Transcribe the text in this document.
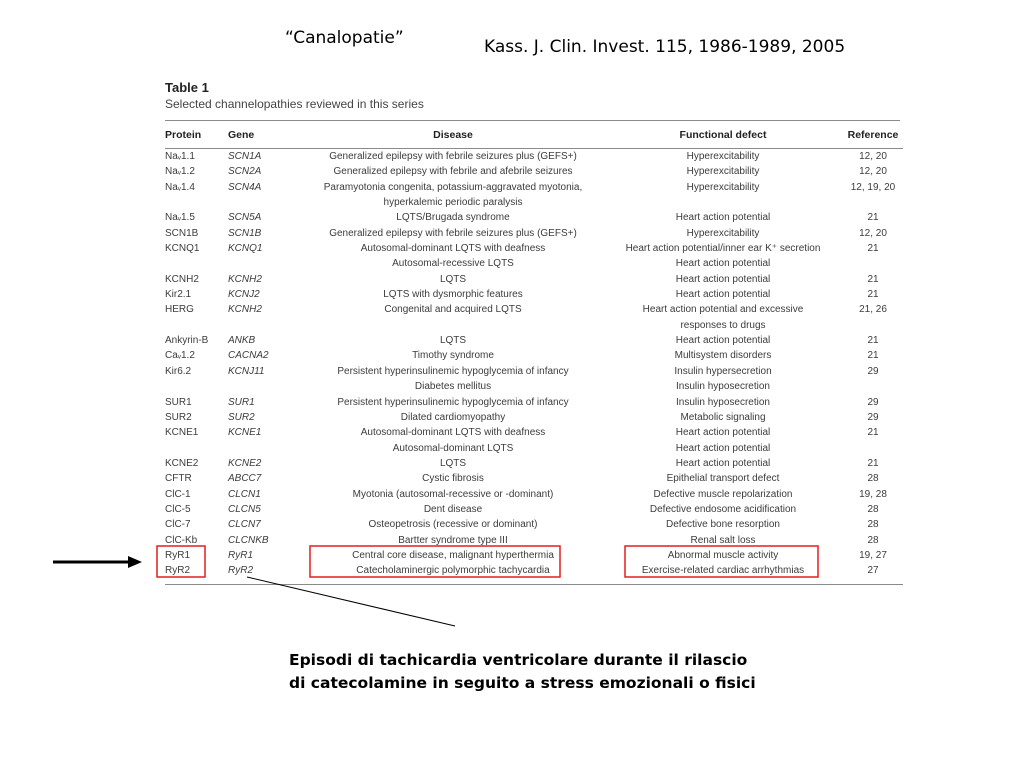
“Canalopatie”	Kass. J. Clin. Invest. 115, 1986-1989, 2005
Table 1
Selected channelopathies reviewed in this series
Protein	Gene	Disease	Functional defect	Reference
Naᵥ1.1	SCN1A	Generalized epilepsy with febrile seizures plus (GEFS+)	Hyperexcitability	12, 20
Naᵥ1.2	SCN2A	Generalized epilepsy with febrile and afebrile seizures	Hyperexcitability	12, 20
Naᵥ1.4	SCN4A	Paramyotonia congenita, potassium-aggravated myotonia,	Hyperexcitability	12, 19, 20
		hyperkalemic periodic paralysis		
Naᵥ1.5	SCN5A	LQTS/Brugada syndrome	Heart action potential	21
SCN1B	SCN1B	Generalized epilepsy with febrile seizures plus (GEFS+)	Hyperexcitability	12, 20
KCNQ1	KCNQ1	Autosomal-dominant LQTS with deafness	Heart action potential/inner ear K⁺ secretion	21
		Autosomal-recessive LQTS	Heart action potential	
KCNH2	KCNH2	LQTS	Heart action potential	21
Kir2.1	KCNJ2	LQTS with dysmorphic features	Heart action potential	21
HERG	KCNH2	Congenital and acquired LQTS	Heart action potential and excessive	21, 26
			responses to drugs	
Ankyrin-B	ANKB	LQTS	Heart action potential	21
Caᵥ1.2	CACNA2	Timothy syndrome	Multisystem disorders	21
Kir6.2	KCNJ11	Persistent hyperinsulinemic hypoglycemia of infancy	Insulin hypersecretion	29
		Diabetes mellitus	Insulin hyposecretion	
SUR1	SUR1	Persistent hyperinsulinemic hypoglycemia of infancy	Insulin hyposecretion	29
SUR2	SUR2	Dilated cardiomyopathy	Metabolic signaling	29
KCNE1	KCNE1	Autosomal-dominant LQTS with deafness	Heart action potential	21
		Autosomal-dominant LQTS	Heart action potential	
KCNE2	KCNE2	LQTS	Heart action potential	21
CFTR	ABCC7	Cystic fibrosis	Epithelial transport defect	28
ClC-1	CLCN1	Myotonia (autosomal-recessive or -dominant)	Defective muscle repolarization	19, 28
ClC-5	CLCN5	Dent disease	Defective endosome acidification	28
ClC-7	CLCN7	Osteopetrosis (recessive or dominant)	Defective bone resorption	28
ClC-Kb	CLCNKB	Bartter syndrome type III	Renal salt loss	28
RyR1	RyR1	Central core disease, malignant hyperthermia	Abnormal muscle activity	19, 27
RyR2	RyR2	Catecholaminergic polymorphic tachycardia	Exercise-related cardiac arrhythmias	27
Episodi di tachicardia ventricolare durante il rilascio
di catecolamine in seguito a stress emozionali o fisici
